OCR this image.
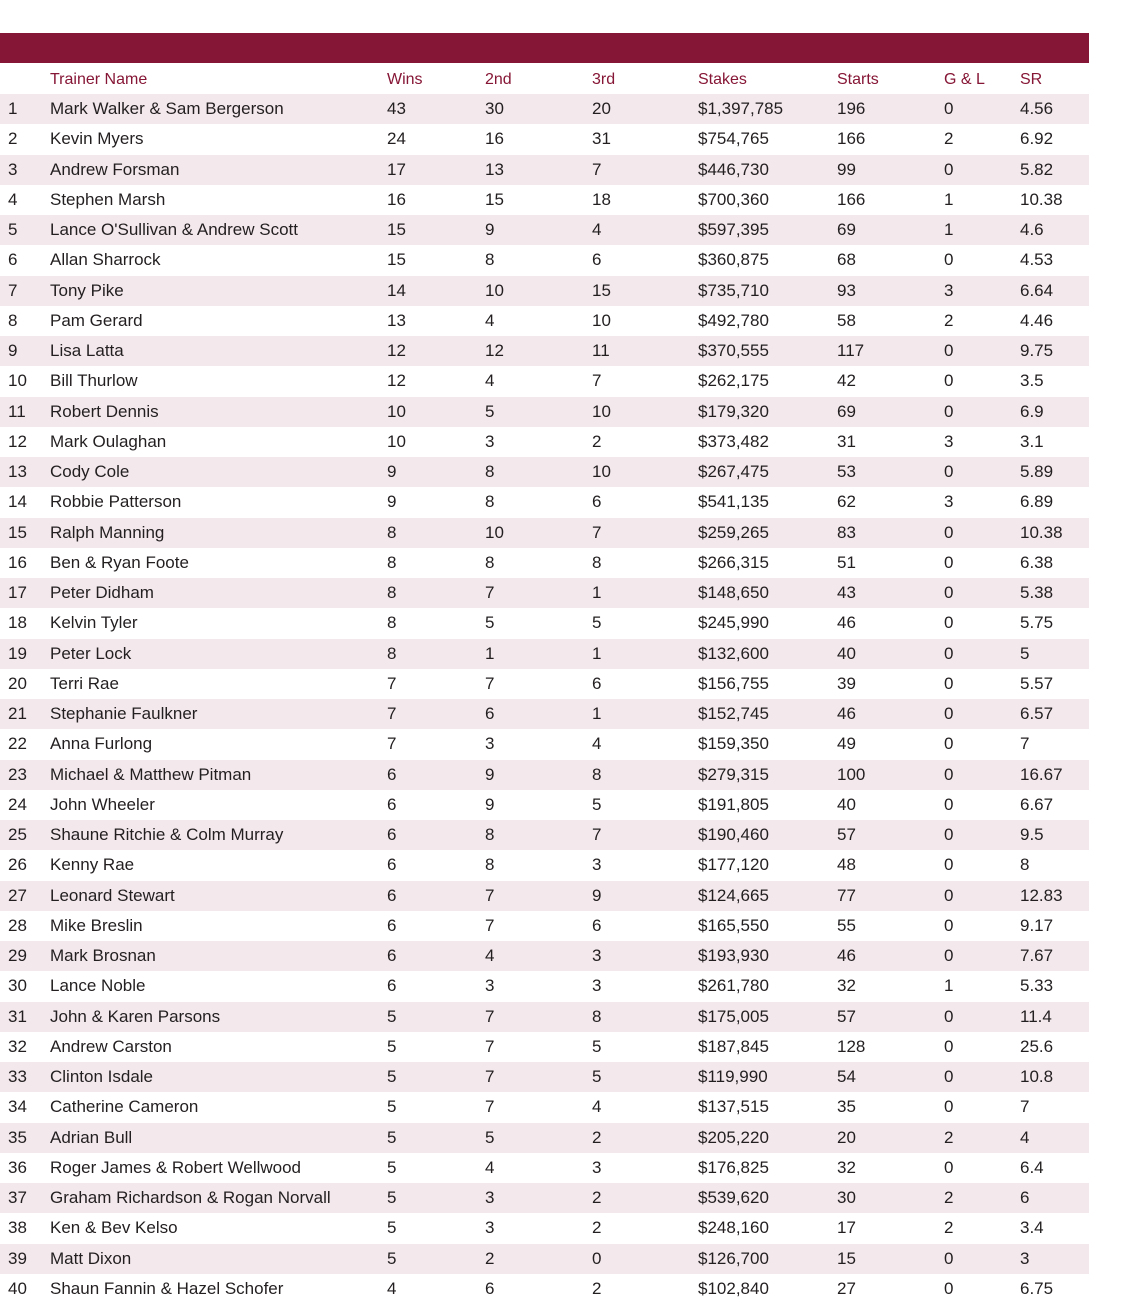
	Trainer Name	Wins	2nd	3rd	Stakes	Starts	G & L	SR
1	Mark Walker & Sam Bergerson	43	30	20	$1,397,785	196	0	4.56
2	Kevin Myers	24	16	31	$754,765	166	2	6.92
3	Andrew Forsman	17	13	7	$446,730	99	0	5.82
4	Stephen Marsh	16	15	18	$700,360	166	1	10.38
5	Lance O'Sullivan & Andrew Scott	15	9	4	$597,395	69	1	4.6
6	Allan Sharrock	15	8	6	$360,875	68	0	4.53
7	Tony Pike	14	10	15	$735,710	93	3	6.64
8	Pam Gerard	13	4	10	$492,780	58	2	4.46
9	Lisa Latta	12	12	11	$370,555	117	0	9.75
10	Bill Thurlow	12	4	7	$262,175	42	0	3.5
11	Robert Dennis	10	5	10	$179,320	69	0	6.9
12	Mark Oulaghan	10	3	2	$373,482	31	3	3.1
13	Cody Cole	9	8	10	$267,475	53	0	5.89
14	Robbie Patterson	9	8	6	$541,135	62	3	6.89
15	Ralph Manning	8	10	7	$259,265	83	0	10.38
16	Ben & Ryan Foote	8	8	8	$266,315	51	0	6.38
17	Peter Didham	8	7	1	$148,650	43	0	5.38
18	Kelvin Tyler	8	5	5	$245,990	46	0	5.75
19	Peter Lock	8	1	1	$132,600	40	0	5
20	Terri Rae	7	7	6	$156,755	39	0	5.57
21	Stephanie Faulkner	7	6	1	$152,745	46	0	6.57
22	Anna Furlong	7	3	4	$159,350	49	0	7
23	Michael & Matthew Pitman	6	9	8	$279,315	100	0	16.67
24	John Wheeler	6	9	5	$191,805	40	0	6.67
25	Shaune Ritchie & Colm Murray	6	8	7	$190,460	57	0	9.5
26	Kenny Rae	6	8	3	$177,120	48	0	8
27	Leonard Stewart	6	7	9	$124,665	77	0	12.83
28	Mike Breslin	6	7	6	$165,550	55	0	9.17
29	Mark Brosnan	6	4	3	$193,930	46	0	7.67
30	Lance Noble	6	3	3	$261,780	32	1	5.33
31	John & Karen Parsons	5	7	8	$175,005	57	0	11.4
32	Andrew Carston	5	7	5	$187,845	128	0	25.6
33	Clinton Isdale	5	7	5	$119,990	54	0	10.8
34	Catherine Cameron	5	7	4	$137,515	35	0	7
35	Adrian Bull	5	5	2	$205,220	20	2	4
36	Roger James & Robert Wellwood	5	4	3	$176,825	32	0	6.4
37	Graham Richardson & Rogan Norvall	5	3	2	$539,620	30	2	6
38	Ken & Bev Kelso	5	3	2	$248,160	17	2	3.4
39	Matt Dixon	5	2	0	$126,700	15	0	3
40	Shaun Fannin & Hazel Schofer	4	6	2	$102,840	27	0	6.75
